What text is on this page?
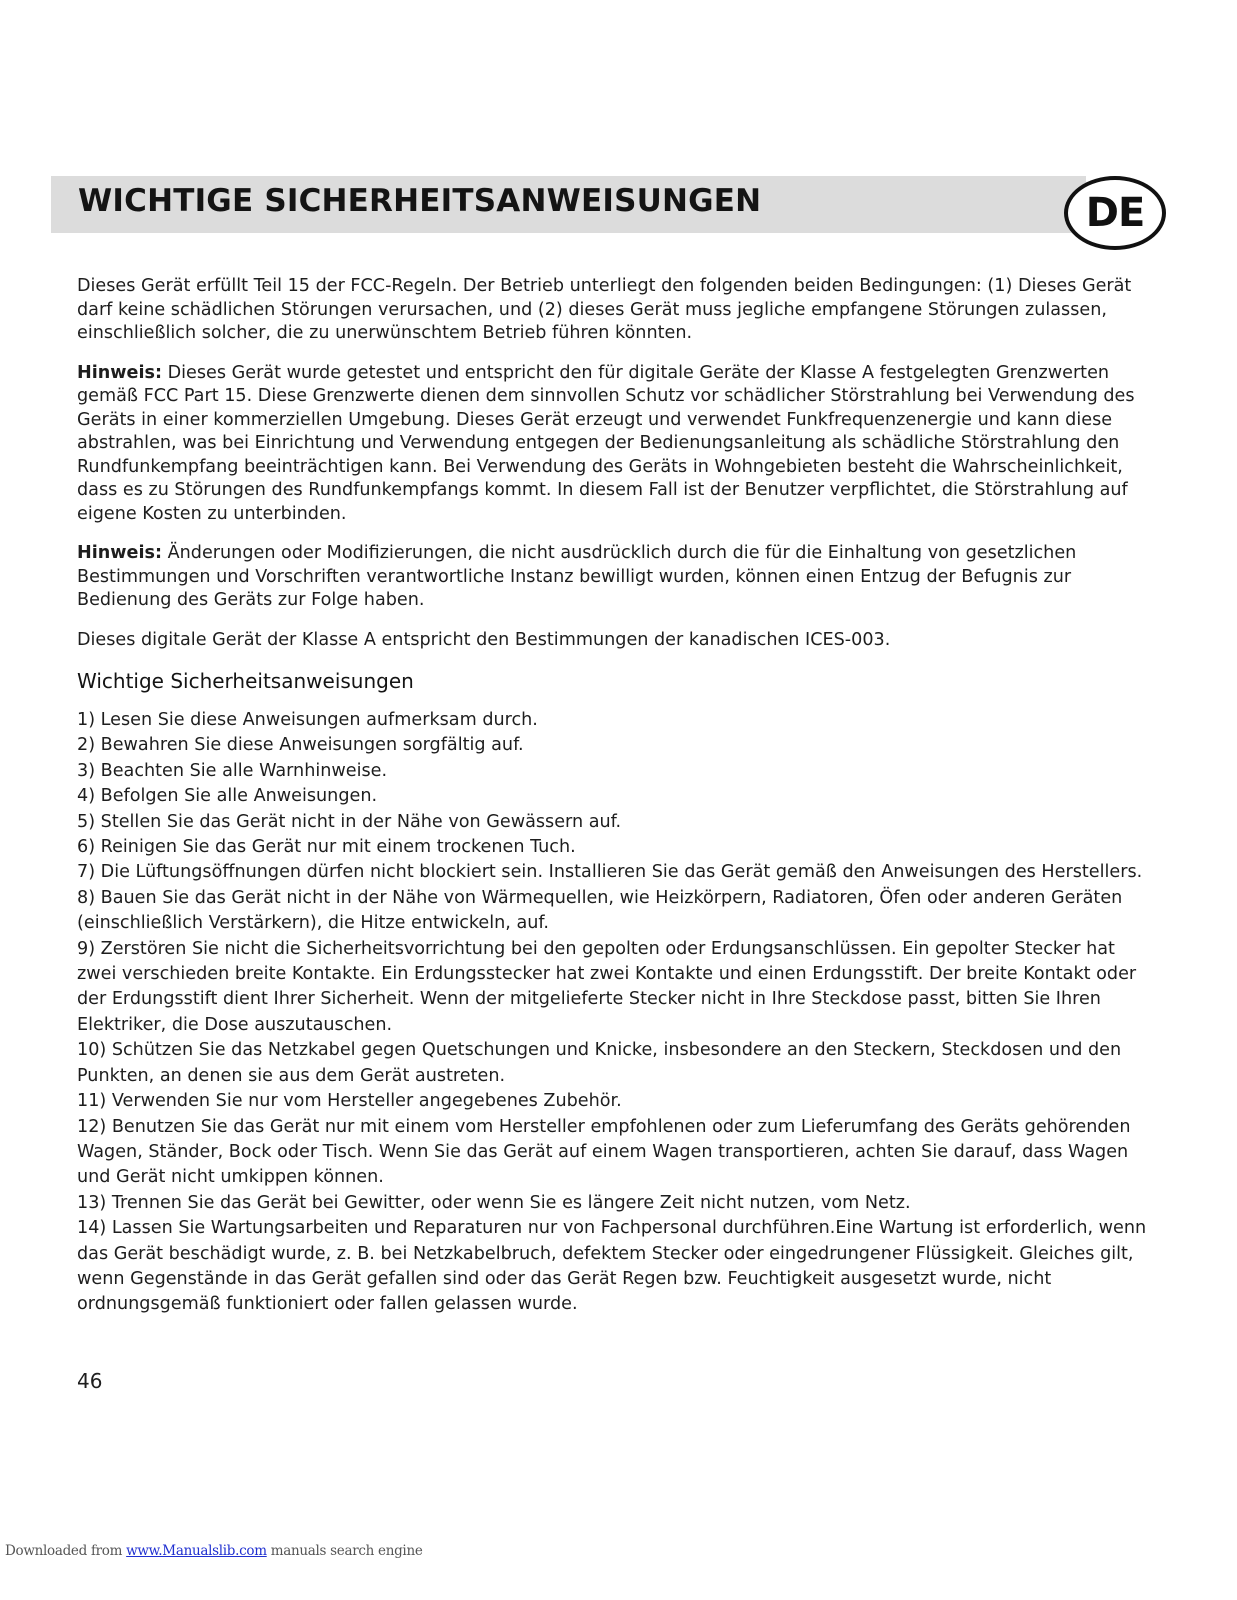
WICHTIGE SICHERHEITSANWEISUNGEN	DE

Dieses Gerät erfüllt Teil 15 der FCC-Regeln. Der Betrieb unterliegt den folgenden beiden Bedingungen: (1) Dieses Gerät darf keine schädlichen Störungen verursachen, und (2) dieses Gerät muss jegliche empfangene Störungen zulassen, einschließlich solcher, die zu unerwünschtem Betrieb führen könnten.

Hinweis: Dieses Gerät wurde getestet und entspricht den für digitale Geräte der Klasse A festgelegten Grenzwerten gemäß FCC Part 15. Diese Grenzwerte dienen dem sinnvollen Schutz vor schädlicher Störstrahlung bei Verwendung des Geräts in einer kommerziellen Umgebung. Dieses Gerät erzeugt und verwendet Funkfrequenzenergie und kann diese abstrahlen, was bei Einrichtung und Verwendung entgegen der Bedienungsanleitung als schädliche Störstrahlung den Rundfunkempfang beeinträchtigen kann. Bei Verwendung des Geräts in Wohngebieten besteht die Wahrscheinlichkeit, dass es zu Störungen des Rundfunkempfangs kommt. In diesem Fall ist der Benutzer verpflichtet, die Störstrahlung auf eigene Kosten zu unterbinden.

Hinweis: Änderungen oder Modifizierungen, die nicht ausdrücklich durch die für die Einhaltung von gesetzlichen Bestimmungen und Vorschriften verantwortliche Instanz bewilligt wurden, können einen Entzug der Befugnis zur Bedienung des Geräts zur Folge haben.

Dieses digitale Gerät der Klasse A entspricht den Bestimmungen der kanadischen ICES-003.

Wichtige Sicherheitsanweisungen
1) Lesen Sie diese Anweisungen aufmerksam durch.
2) Bewahren Sie diese Anweisungen sorgfältig auf.
3) Beachten Sie alle Warnhinweise.
4) Befolgen Sie alle Anweisungen.
5) Stellen Sie das Gerät nicht in der Nähe von Gewässern auf.
6) Reinigen Sie das Gerät nur mit einem trockenen Tuch.
7) Die Lüftungsöffnungen dürfen nicht blockiert sein. Installieren Sie das Gerät gemäß den Anweisungen des Herstellers.
8) Bauen Sie das Gerät nicht in der Nähe von Wärmequellen, wie Heizkörpern, Radiatoren, Öfen oder anderen Geräten (einschließlich Verstärkern), die Hitze entwickeln, auf.
9) Zerstören Sie nicht die Sicherheitsvorrichtung bei den gepolten oder Erdungsanschlüssen. Ein gepolter Stecker hat zwei verschieden breite Kontakte. Ein Erdungsstecker hat zwei Kontakte und einen Erdungsstift. Der breite Kontakt oder der Erdungsstift dient Ihrer Sicherheit. Wenn der mitgelieferte Stecker nicht in Ihre Steckdose passt, bitten Sie Ihren Elektriker, die Dose auszutauschen.
10) Schützen Sie das Netzkabel gegen Quetschungen und Knicke, insbesondere an den Steckern, Steckdosen und den Punkten, an denen sie aus dem Gerät austreten.
11) Verwenden Sie nur vom Hersteller angegebenes Zubehör.
12) Benutzen Sie das Gerät nur mit einem vom Hersteller empfohlenen oder zum Lieferumfang des Geräts gehörenden Wagen, Ständer, Bock oder Tisch. Wenn Sie das Gerät auf einem Wagen transportieren, achten Sie darauf, dass Wagen und Gerät nicht umkippen können.
13) Trennen Sie das Gerät bei Gewitter, oder wenn Sie es längere Zeit nicht nutzen, vom Netz.
14) Lassen Sie Wartungsarbeiten und Reparaturen nur von Fachpersonal durchführen.Eine Wartung ist erforderlich, wenn das Gerät beschädigt wurde, z. B. bei Netzkabelbruch, defektem Stecker oder eingedrungener Flüssigkeit. Gleiches gilt, wenn Gegenstände in das Gerät gefallen sind oder das Gerät Regen bzw. Feuchtigkeit ausgesetzt wurde, nicht ordnungsgemäß funktioniert oder fallen gelassen wurde.
46
Downloaded from www.Manualslib.com manuals search engine
